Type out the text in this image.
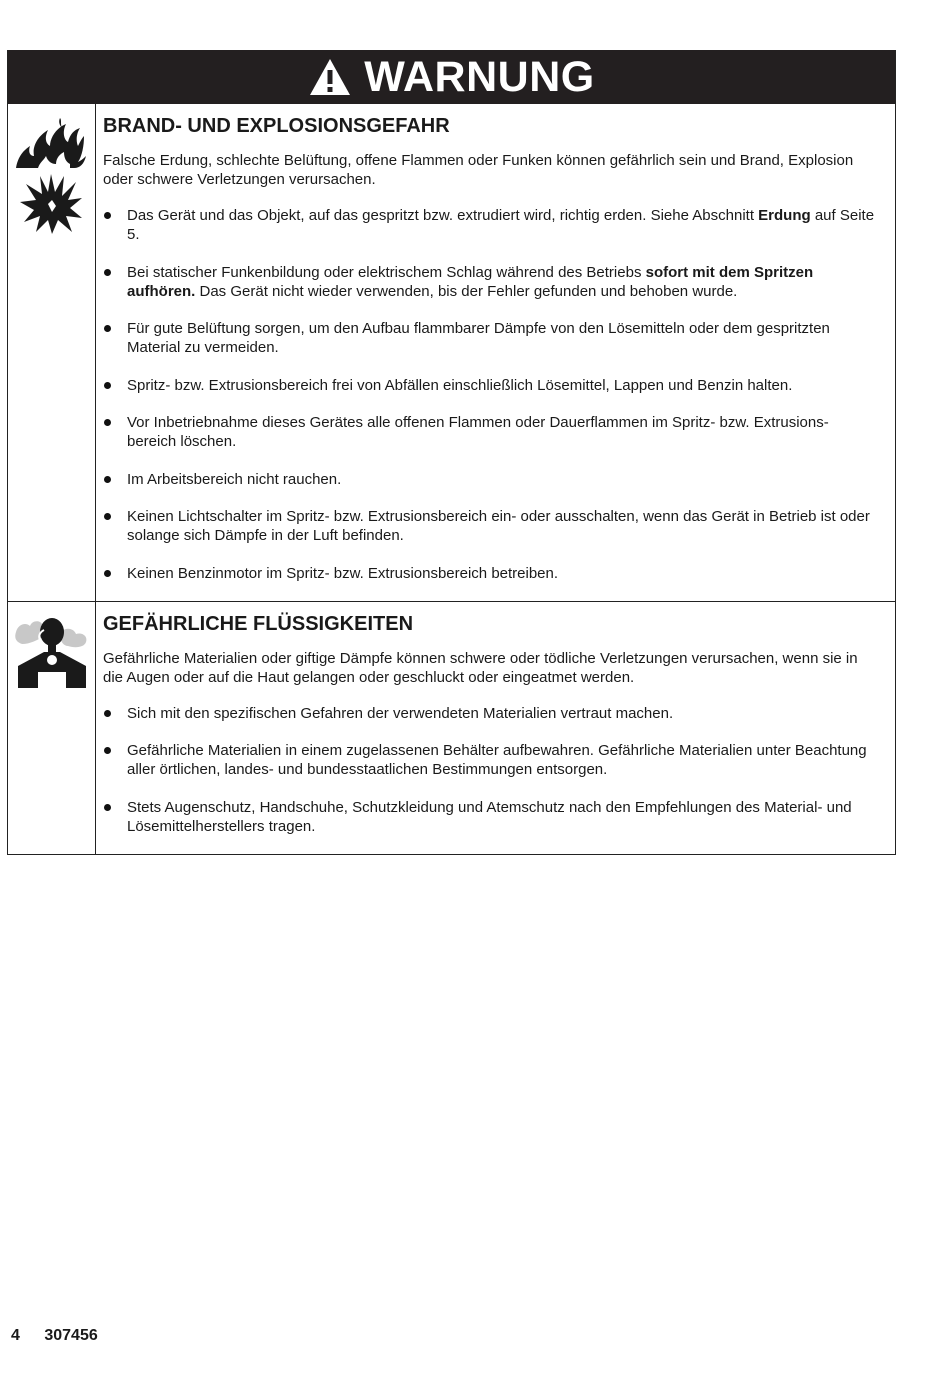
WARNUNG
BRAND- UND EXPLOSIONSGEFAHR

Falsche Erdung, schlechte Belüftung, offene Flammen oder Funken können gefährlich sein und Brand, Explosion oder schwere Verletzungen verursachen.

Das Gerät und das Objekt, auf das gespritzt bzw. extrudiert wird, richtig erden. Siehe Abschnitt Erdung auf Seite 5.
Bei statischer Funkenbildung oder elektrischem Schlag während des Betriebs sofort mit dem Spritzen aufhören. Das Gerät nicht wieder verwenden, bis der Fehler gefunden und behoben wurde.
Für gute Belüftung sorgen, um den Aufbau flammbarer Dämpfe von den Lösemitteln oder dem gespritzten Material zu vermeiden.
Spritz- bzw. Extrusionsbereich frei von Abfällen einschließlich Lösemittel, Lappen und Benzin halten.
Vor Inbetriebnahme dieses Gerätes alle offenen Flammen oder Dauerflammen im Spritz- bzw. Extrusions- bereich löschen.
Im Arbeitsbereich nicht rauchen.
Keinen Lichtschalter im Spritz- bzw. Extrusionsbereich ein- oder ausschalten, wenn das Gerät in Betrieb ist oder solange sich Dämpfe in der Luft befinden.
Keinen Benzinmotor im Spritz- bzw. Extrusionsbereich betreiben.
GEFÄHRLICHE FLÜSSIGKEITEN

Gefährliche Materialien oder giftige Dämpfe können schwere oder tödliche Verletzungen verursachen, wenn sie in die Augen oder auf die Haut gelangen oder geschluckt oder eingeatmet werden.

Sich mit den spezifischen Gefahren der verwendeten Materialien vertraut machen.
Gefährliche Materialien in einem zugelassenen Behälter aufbewahren. Gefährliche Materialien unter Beachtung aller örtlichen, landes- und bundesstaatlichen Bestimmungen entsorgen.
Stets Augenschutz, Handschuhe, Schutzkleidung und Atemschutz nach den Empfehlungen des Material- und Lösemittelherstellers tragen.
4 307456
